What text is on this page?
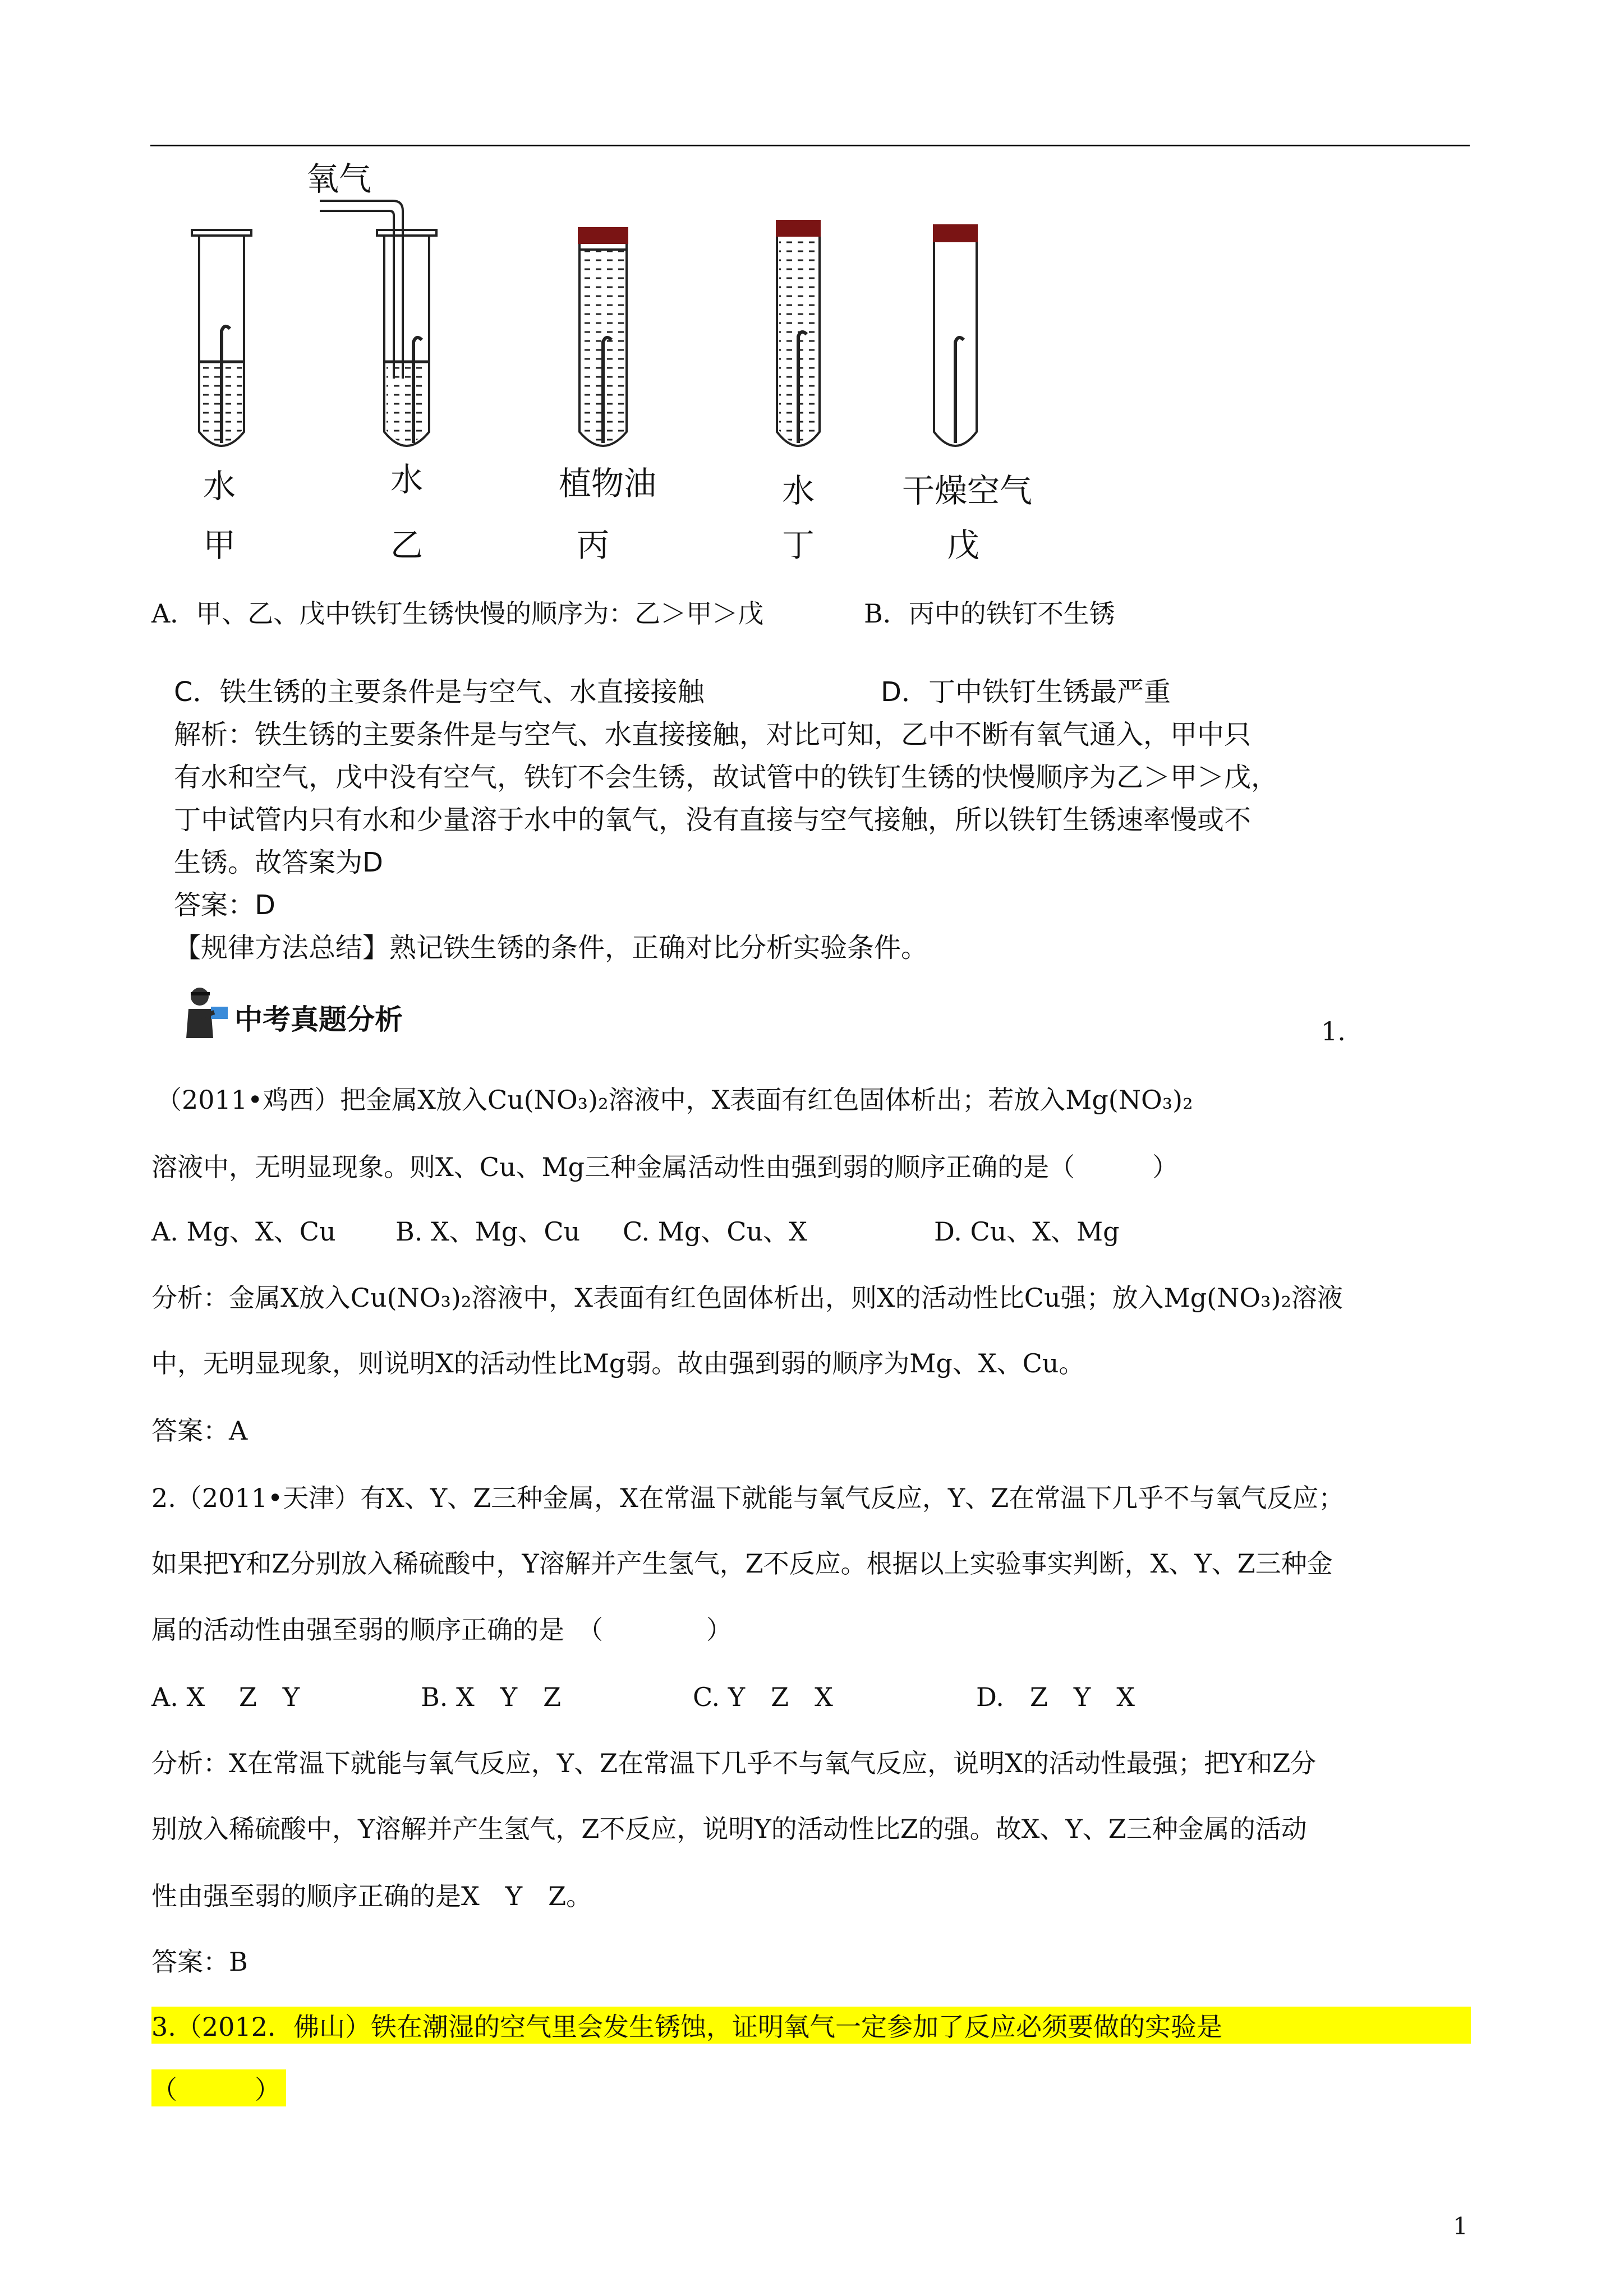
氧气
水
甲
水
乙
植物油
丙
水
丁
干燥空气
戊
A．甲、乙、戊中铁钉生锈快慢的顺序为：乙＞甲＞戊	B．丙中的铁钉不生锈
C．铁生锈的主要条件是与空气、水直接接触	D．丁中铁钉生锈最严重
解析：铁生锈的主要条件是与空气、水直接接触，对比可知，乙中不断有氧气通入，甲中只
有水和空气，戊中没有空气，铁钉不会生锈，故试管中的铁钉生锈的快慢顺序为乙＞甲＞戊，
丁中试管内只有水和少量溶于水中的氧气，没有直接与空气接触，所以铁钉生锈速率慢或不
生锈。故答案为D
答案：D
【规律方法总结】熟记铁生锈的条件，正确对比分析实验条件。
中考真题分析	1.
（2011•鸡西）把金属X放入Cu(NO₃)₂溶液中，X表面有红色固体析出；若放入Mg(NO₃)₂
溶液中，无明显现象。则X、Cu、Mg三种金属活动性由强到弱的顺序正确的是（　　　）
A. Mg、X、Cu B. X、Mg、Cu C. Mg、Cu、X	D. Cu、X、Mg
分析：金属X放入Cu(NO₃)₂溶液中，X表面有红色固体析出，则X的活动性比Cu强；放入Mg(NO₃)₂溶液
中，无明显现象，则说明X的活动性比Mg弱。故由强到弱的顺序为Mg、X、Cu。
答案：A
2.（2011•天津）有X、Y、Z三种金属，X在常温下就能与氧气反应，Y、Z在常温下几乎不与氧气反应；
如果把Y和Z分别放入稀硫酸中，Y溶解并产生氢气，Z不反应。根据以上实验事实判断，X、Y、Z三种金
属的活动性由强至弱的顺序正确的是　（　　　　）
A. X　 Z　Y	B. X　Y　Z	C. Y　Z　X	D.　Z　Y　X
分析：X在常温下就能与氧气反应，Y、Z在常温下几乎不与氧气反应，说明X的活动性最强；把Y和Z分
别放入稀硫酸中，Y溶解并产生氢气，Z不反应，说明Y的活动性比Z的强。故X、Y、Z三种金属的活动
性由强至弱的顺序正确的是X　Y　Z。
答案：B
3.（2012．佛山）铁在潮湿的空气里会发生锈蚀，证明氧气一定参加了反应必须要做的实验是
（　　　）
1
